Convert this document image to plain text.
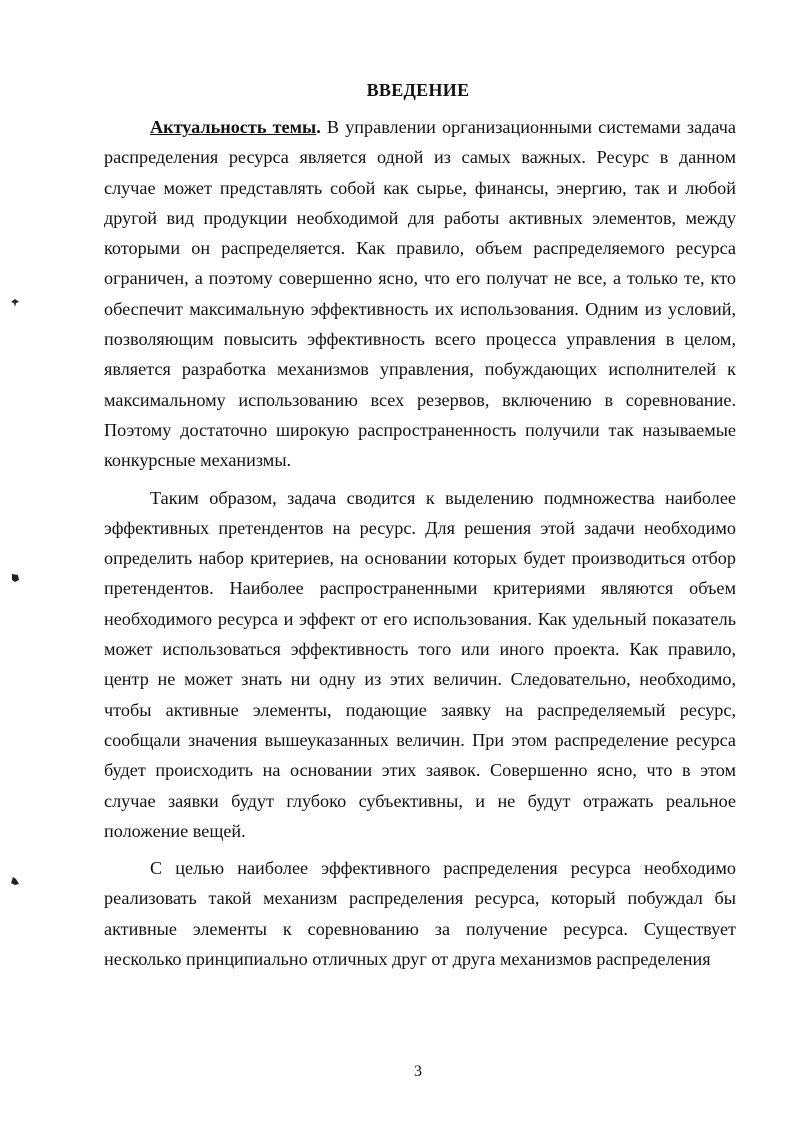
ВВЕДЕНИЕ

Актуальность темы. В управлении организационными системами задача распределения ресурса является одной из самых важных. Ресурс в данном случае может представлять собой как сырье, финансы, энергию, так и любой другой вид продукции необходимой для работы активных элементов, между которыми он распределяется. Как правило, объем распределяемого ресурса ограничен, а поэтому совершенно ясно, что его получат не все, а только те, кто обеспечит максимальную эффективность их использования. Одним из условий, позволяющим повысить эффективность всего процесса управления в целом, является разработка механизмов управления, побуждающих исполнителей к максимальному использованию всех резервов, включению в соревнование. Поэтому достаточно широкую распространенность получили так называемые конкурсные механизмы.

Таким образом, задача сводится к выделению подмножества наиболее эффективных претендентов на ресурс. Для решения этой задачи необходимо определить набор критериев, на основании которых будет производиться отбор претендентов. Наиболее распространенными критериями являются объем необходимого ресурса и эффект от его использования. Как удельный показатель может использоваться эффективность того или иного проекта. Как правило, центр не может знать ни одну из этих величин. Следовательно, необходимо, чтобы активные элементы, подающие заявку на распределяемый ресурс, сообщали значения вышеуказанных величин. При этом распределение ресурса будет происходить на основании этих заявок. Совершенно ясно, что в этом случае заявки будут глубоко субъективны, и не будут отражать реальное положение вещей.

С целью наиболее эффективного распределения ресурса необходимо реализовать такой механизм распределения ресурса, который побуждал бы активные элементы к соревнованию за получение ресурса. Существует несколько принципиально отличных друг от друга механизмов распределения

3
